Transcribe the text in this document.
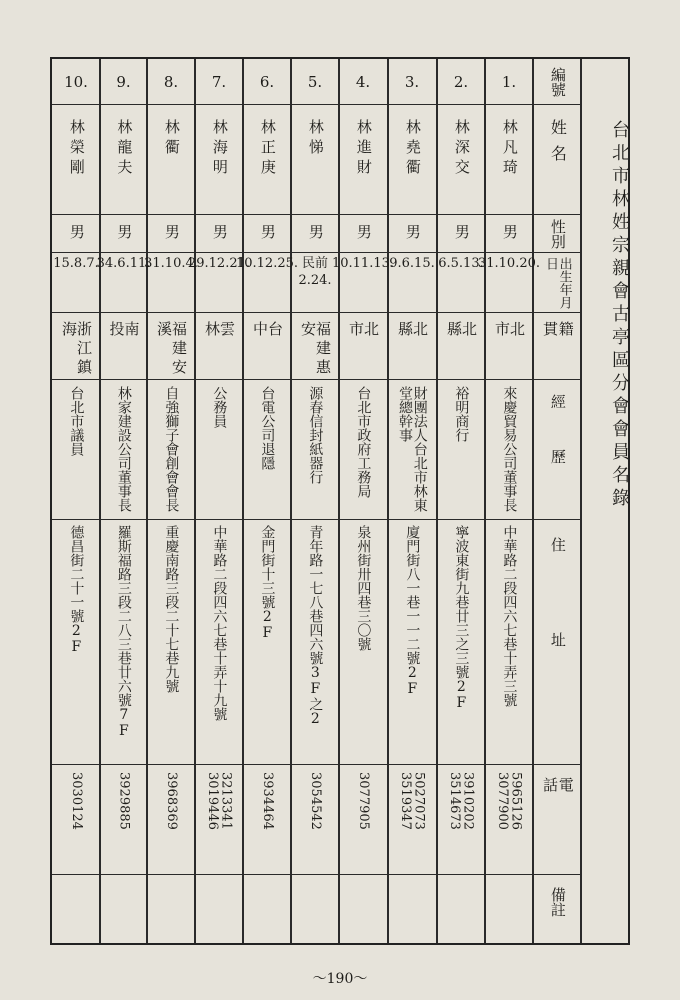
台北市林姓宗親會古亭區分會會員名錄
編號
姓名
性別
出生年月日
籍貫
經歷
住址
電話
備註
1.
林凡琦
男
31.10.20.
北市
來慶貿易公司董事長
中華路二段四六七巷十弄三號
5965126 3077900
2.
林深交
男
6.5.13.
北縣
裕明商行
寧波東街九巷廿三之三號2F
3910202 3514673
3.
林堯衢
男
9.6.15.
北縣
財團法人台北市林東堂總幹事
廈門街八一巷一一二號2F
5027073 3519347
4.
林進財
男
10.11.13.
北市
台北市政府工務局
泉州街卅四巷三〇號
3077905
5.
林悌
男
民前2.24.
福建惠安
源春信封紙器行
青年路一七八巷四六號3F之2
3054542
6.
林正庚
男
10.12.25.
台中
台電公司退隱
金門街十三號2F
3934464
7.
林海明
男
29.12.21.
雲林
公務員
中華路二段四六七巷十弄十九號
3213341 3019446
8.
林衢
男
31.10.4.
福建安溪
自強獅子會創會會長
重慶南路三段二十七巷九號
3968369
9.
林龍夫
男
34.6.11.
南投
林家建設公司董事長
羅斯福路三段二八三巷廿六號7F
3929885
10.
林榮剛
男
15.8.7.
浙江鎮海
台北市議員
德昌街二十一號2F
3030124
～190～
